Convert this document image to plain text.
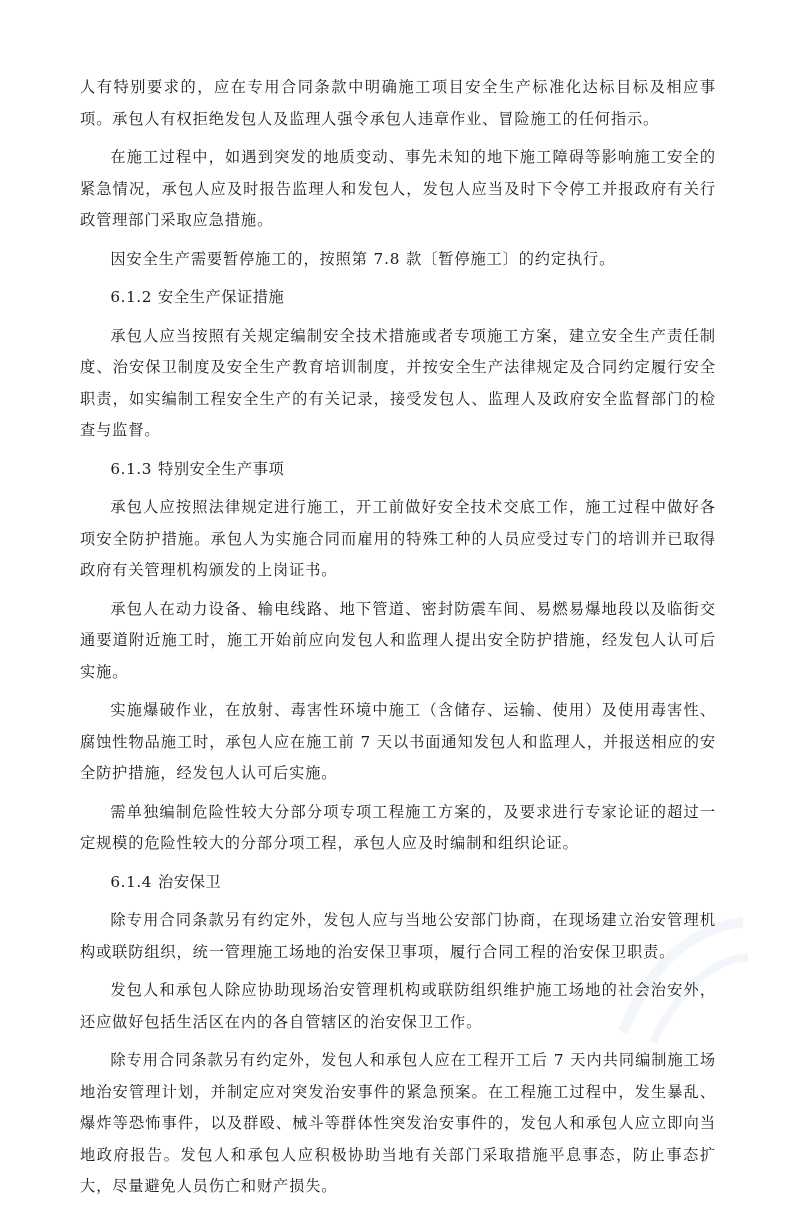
人有特别要求的，应在专用合同条款中明确施工项目安全生产标准化达标目标及相应事项。承包人有权拒绝发包人及监理人强令承包人违章作业、冒险施工的任何指示。

在施工过程中，如遇到突发的地质变动、事先未知的地下施工障碍等影响施工安全的紧急情况，承包人应及时报告监理人和发包人，发包人应当及时下令停工并报政府有关行政管理部门采取应急措施。

因安全生产需要暂停施工的，按照第 7.8 款〔暂停施工〕的约定执行。

6.1.2 安全生产保证措施

承包人应当按照有关规定编制安全技术措施或者专项施工方案，建立安全生产责任制度、治安保卫制度及安全生产教育培训制度，并按安全生产法律规定及合同约定履行安全职责，如实编制工程安全生产的有关记录，接受发包人、监理人及政府安全监督部门的检查与监督。

6.1.3 特别安全生产事项

承包人应按照法律规定进行施工，开工前做好安全技术交底工作，施工过程中做好各项安全防护措施。承包人为实施合同而雇用的特殊工种的人员应受过专门的培训并已取得政府有关管理机构颁发的上岗证书。

承包人在动力设备、输电线路、地下管道、密封防震车间、易燃易爆地段以及临街交通要道附近施工时，施工开始前应向发包人和监理人提出安全防护措施，经发包人认可后实施。

实施爆破作业，在放射、毒害性环境中施工（含储存、运输、使用）及使用毒害性、腐蚀性物品施工时，承包人应在施工前 7 天以书面通知发包人和监理人，并报送相应的安全防护措施，经发包人认可后实施。

需单独编制危险性较大分部分项专项工程施工方案的，及要求进行专家论证的超过一定规模的危险性较大的分部分项工程，承包人应及时编制和组织论证。

6.1.4 治安保卫

除专用合同条款另有约定外，发包人应与当地公安部门协商，在现场建立治安管理机构或联防组织，统一管理施工场地的治安保卫事项，履行合同工程的治安保卫职责。

发包人和承包人除应协助现场治安管理机构或联防组织维护施工场地的社会治安外，还应做好包括生活区在内的各自管辖区的治安保卫工作。

除专用合同条款另有约定外，发包人和承包人应在工程开工后 7 天内共同编制施工场地治安管理计划，并制定应对突发治安事件的紧急预案。在工程施工过程中，发生暴乱、爆炸等恐怖事件，以及群殴、械斗等群体性突发治安事件的，发包人和承包人应立即向当地政府报告。发包人和承包人应积极协助当地有关部门采取措施平息事态，防止事态扩大，尽量避免人员伤亡和财产损失。
